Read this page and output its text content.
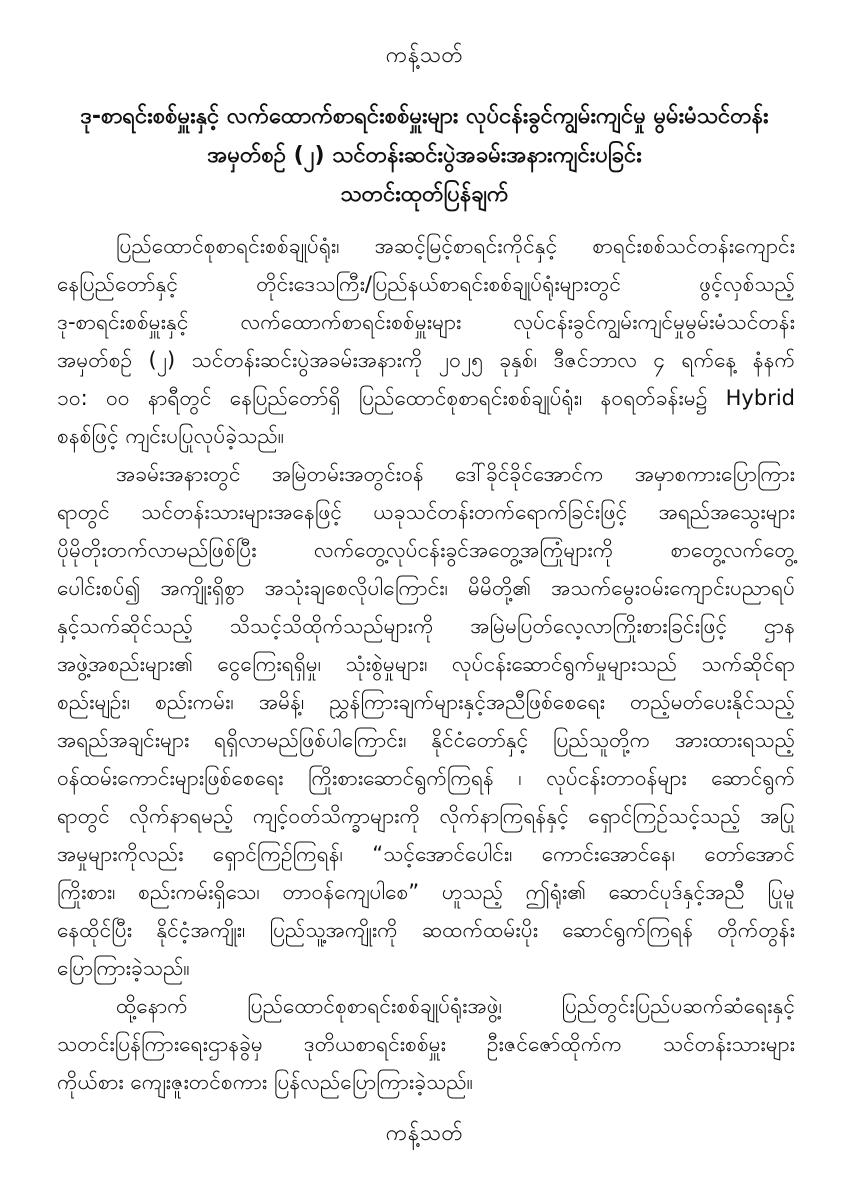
ကန့်သတ်
ဒု-စာရင်းစစ်မှူးနှင့် လက်ထောက်စာရင်းစစ်မှူးများ လုပ်ငန်းခွင်ကျွမ်းကျင်မှု မွမ်းမံသင်တန်း
အမှတ်စဉ် (၂) သင်တန်းဆင်းပွဲအခမ်းအနားကျင်းပခြင်း
သတင်းထုတ်ပြန်ချက်
ပြည်ထောင်စုစာရင်းစစ်ချုပ်ရုံး၊ အဆင့်မြင့်စာရင်းကိုင်နှင့် စာရင်းစစ်သင်တန်းကျောင်း
နေပြည်တော်နှင့် တိုင်းဒေသကြီး/ပြည်နယ်စာရင်းစစ်ချုပ်ရုံးများတွင် ဖွင့်လှစ်သည့်
ဒု-စာရင်းစစ်မှူးနှင့် လက်ထောက်စာရင်းစစ်မှူးများ လုပ်ငန်းခွင်ကျွမ်းကျင်မှုမွမ်းမံသင်တန်း
အမှတ်စဉ် (၂) သင်တန်းဆင်းပွဲအခမ်းအနားကို ၂၀၂၅ ခုနှစ်၊ ဒီဇင်ဘာလ ၄ ရက်နေ့ နံနက်
၁၀: ၀၀ နာရီတွင် နေပြည်တော်ရှိ ပြည်ထောင်စုစာရင်းစစ်ချုပ်ရုံး၊ နဝရတ်ခန်းမ၌ Hybrid
စနစ်ဖြင့် ကျင်းပပြုလုပ်ခဲ့သည်။
အခမ်းအနားတွင် အမြဲတမ်းအတွင်းဝန် ဒေါ်ခိုင်ခိုင်အောင်က အမှာစကားပြောကြား
ရာတွင် သင်တန်းသားများအနေဖြင့် ယခုသင်တန်းတက်ရောက်ခြင်းဖြင့် အရည်အသွေးများ
ပိုမိုတိုးတက်လာမည်ဖြစ်ပြီး လက်တွေ့လုပ်ငန်းခွင်အတွေ့အကြုံများကို စာတွေ့လက်တွေ့
ပေါင်းစပ်၍ အကျိုးရှိစွာ အသုံးချစေလိုပါကြောင်း၊ မိမိတို့၏ အသက်မွေးဝမ်းကျောင်းပညာရပ်
နှင့်သက်ဆိုင်သည့် သိသင့်သိထိုက်သည်များကို အမြဲမပြတ်လေ့လာကြိုးစားခြင်းဖြင့် ဌာန
အဖွဲ့အစည်းများ၏ ငွေကြေးရရှိမှု၊ သုံးစွဲမှုများ၊ လုပ်ငန်းဆောင်ရွက်မှုများသည် သက်ဆိုင်ရာ
စည်းမျဉ်း၊ စည်းကမ်း၊ အမိန့်၊ ညွှန်ကြားချက်များနှင့်အညီဖြစ်စေရေး တည့်မတ်ပေးနိုင်သည့်
အရည်အချင်းများ ရရှိလာမည်ဖြစ်ပါကြောင်း၊ နိုင်ငံတော်နှင့် ပြည်သူတို့က အားထားရသည့်
ဝန်ထမ်းကောင်းများဖြစ်စေရေး ကြိုးစားဆောင်ရွက်ကြရန် ၊ လုပ်ငန်းတာဝန်များ ဆောင်ရွက်
ရာတွင် လိုက်နာရမည့် ကျင့်ဝတ်သိက္ခာများကို လိုက်နာကြရန်နှင့် ရှောင်ကြဉ်သင့်သည့် အပြု
အမှုများကိုလည်း ရှောင်ကြဉ်ကြရန်၊ “သင့်အောင်ပေါင်း၊ ကောင်းအောင်နေ၊ တော်အောင်
ကြိုးစား၊ စည်းကမ်းရှိသေ၊ တာဝန်ကျေပါစေ” ဟူသည့် ဤရုံး၏ ဆောင်ပုဒ်နှင့်အညီ ပြုမူ
နေထိုင်ပြီး နိုင်ငံ့အကျိုး၊ ပြည်သူ့အကျိုးကို ဆထက်ထမ်းပိုး ဆောင်ရွက်ကြရန် တိုက်တွန်း
ပြောကြားခဲ့သည်။
ထို့နောက် ပြည်ထောင်စုစာရင်းစစ်ချုပ်ရုံးအဖွဲ့၊ ပြည်တွင်းပြည်ပဆက်ဆံရေးနှင့်
သတင်းပြန်ကြားရေးဌာနခွဲမှ ဒုတိယစာရင်းစစ်မှူး ဦးဇင်ဇော်ထိုက်က သင်တန်းသားများ
ကိုယ်စား ကျေးဇူးတင်စကား ပြန်လည်ပြောကြားခဲ့သည်။
ကန့်သတ်
